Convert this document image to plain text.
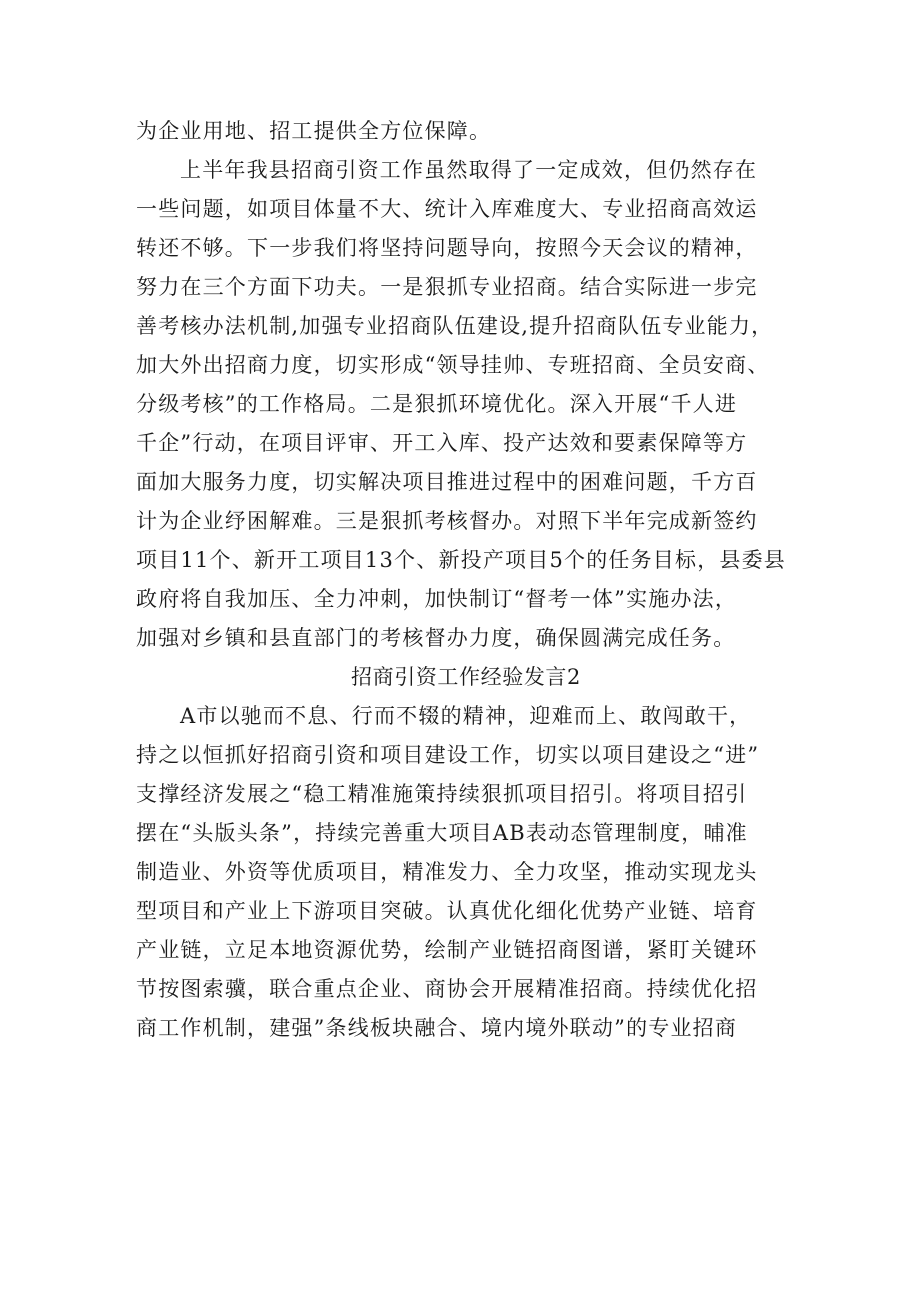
为企业用地、招工提供全方位保障。
上半年我县招商引资工作虽然取得了一定成效，但仍然存在
一些问题，如项目体量不大、统计入库难度大、专业招商高效运
转还不够。下一步我们将坚持问题导向，按照今天会议的精神，
努力在三个方面下功夫。一是狠抓专业招商。结合实际进一步完
善考核办法机制,加强专业招商队伍建设,提升招商队伍专业能力，
加大外出招商力度，切实形成“领导挂帅、专班招商、全员安商、
分级考核”的工作格局。二是狠抓环境优化。深入开展“千人进
千企”行动，在项目评审、开工入库、投产达效和要素保障等方
面加大服务力度，切实解决项目推进过程中的困难问题，千方百
计为企业纾困解难。三是狠抓考核督办。对照下半年完成新签约
项目11个、新开工项目13个、新投产项目5个的任务目标，县委县
政府将自我加压、全力冲刺，加快制订“督考一体”实施办法，
加强对乡镇和县直部门的考核督办力度，确保圆满完成任务。
招商引资工作经验发言2
A市以驰而不息、行而不辍的精神，迎难而上、敢闯敢干，
持之以恒抓好招商引资和项目建设工作，切实以项目建设之“进”
支撑经济发展之“稳工精准施策持续狠抓项目招引。将项目招引
摆在“头版头条”，持续完善重大项目AB表动态管理制度，晡准
制造业、外资等优质项目，精准发力、全力攻坚，推动实现龙头
型项目和产业上下游项目突破。认真优化细化优势产业链、培育
产业链，立足本地资源优势，绘制产业链招商图谱，紧盯关键环
节按图索骥，联合重点企业、商协会开展精准招商。持续优化招
商工作机制，建强”条线板块融合、境内境外联动”的专业招商
